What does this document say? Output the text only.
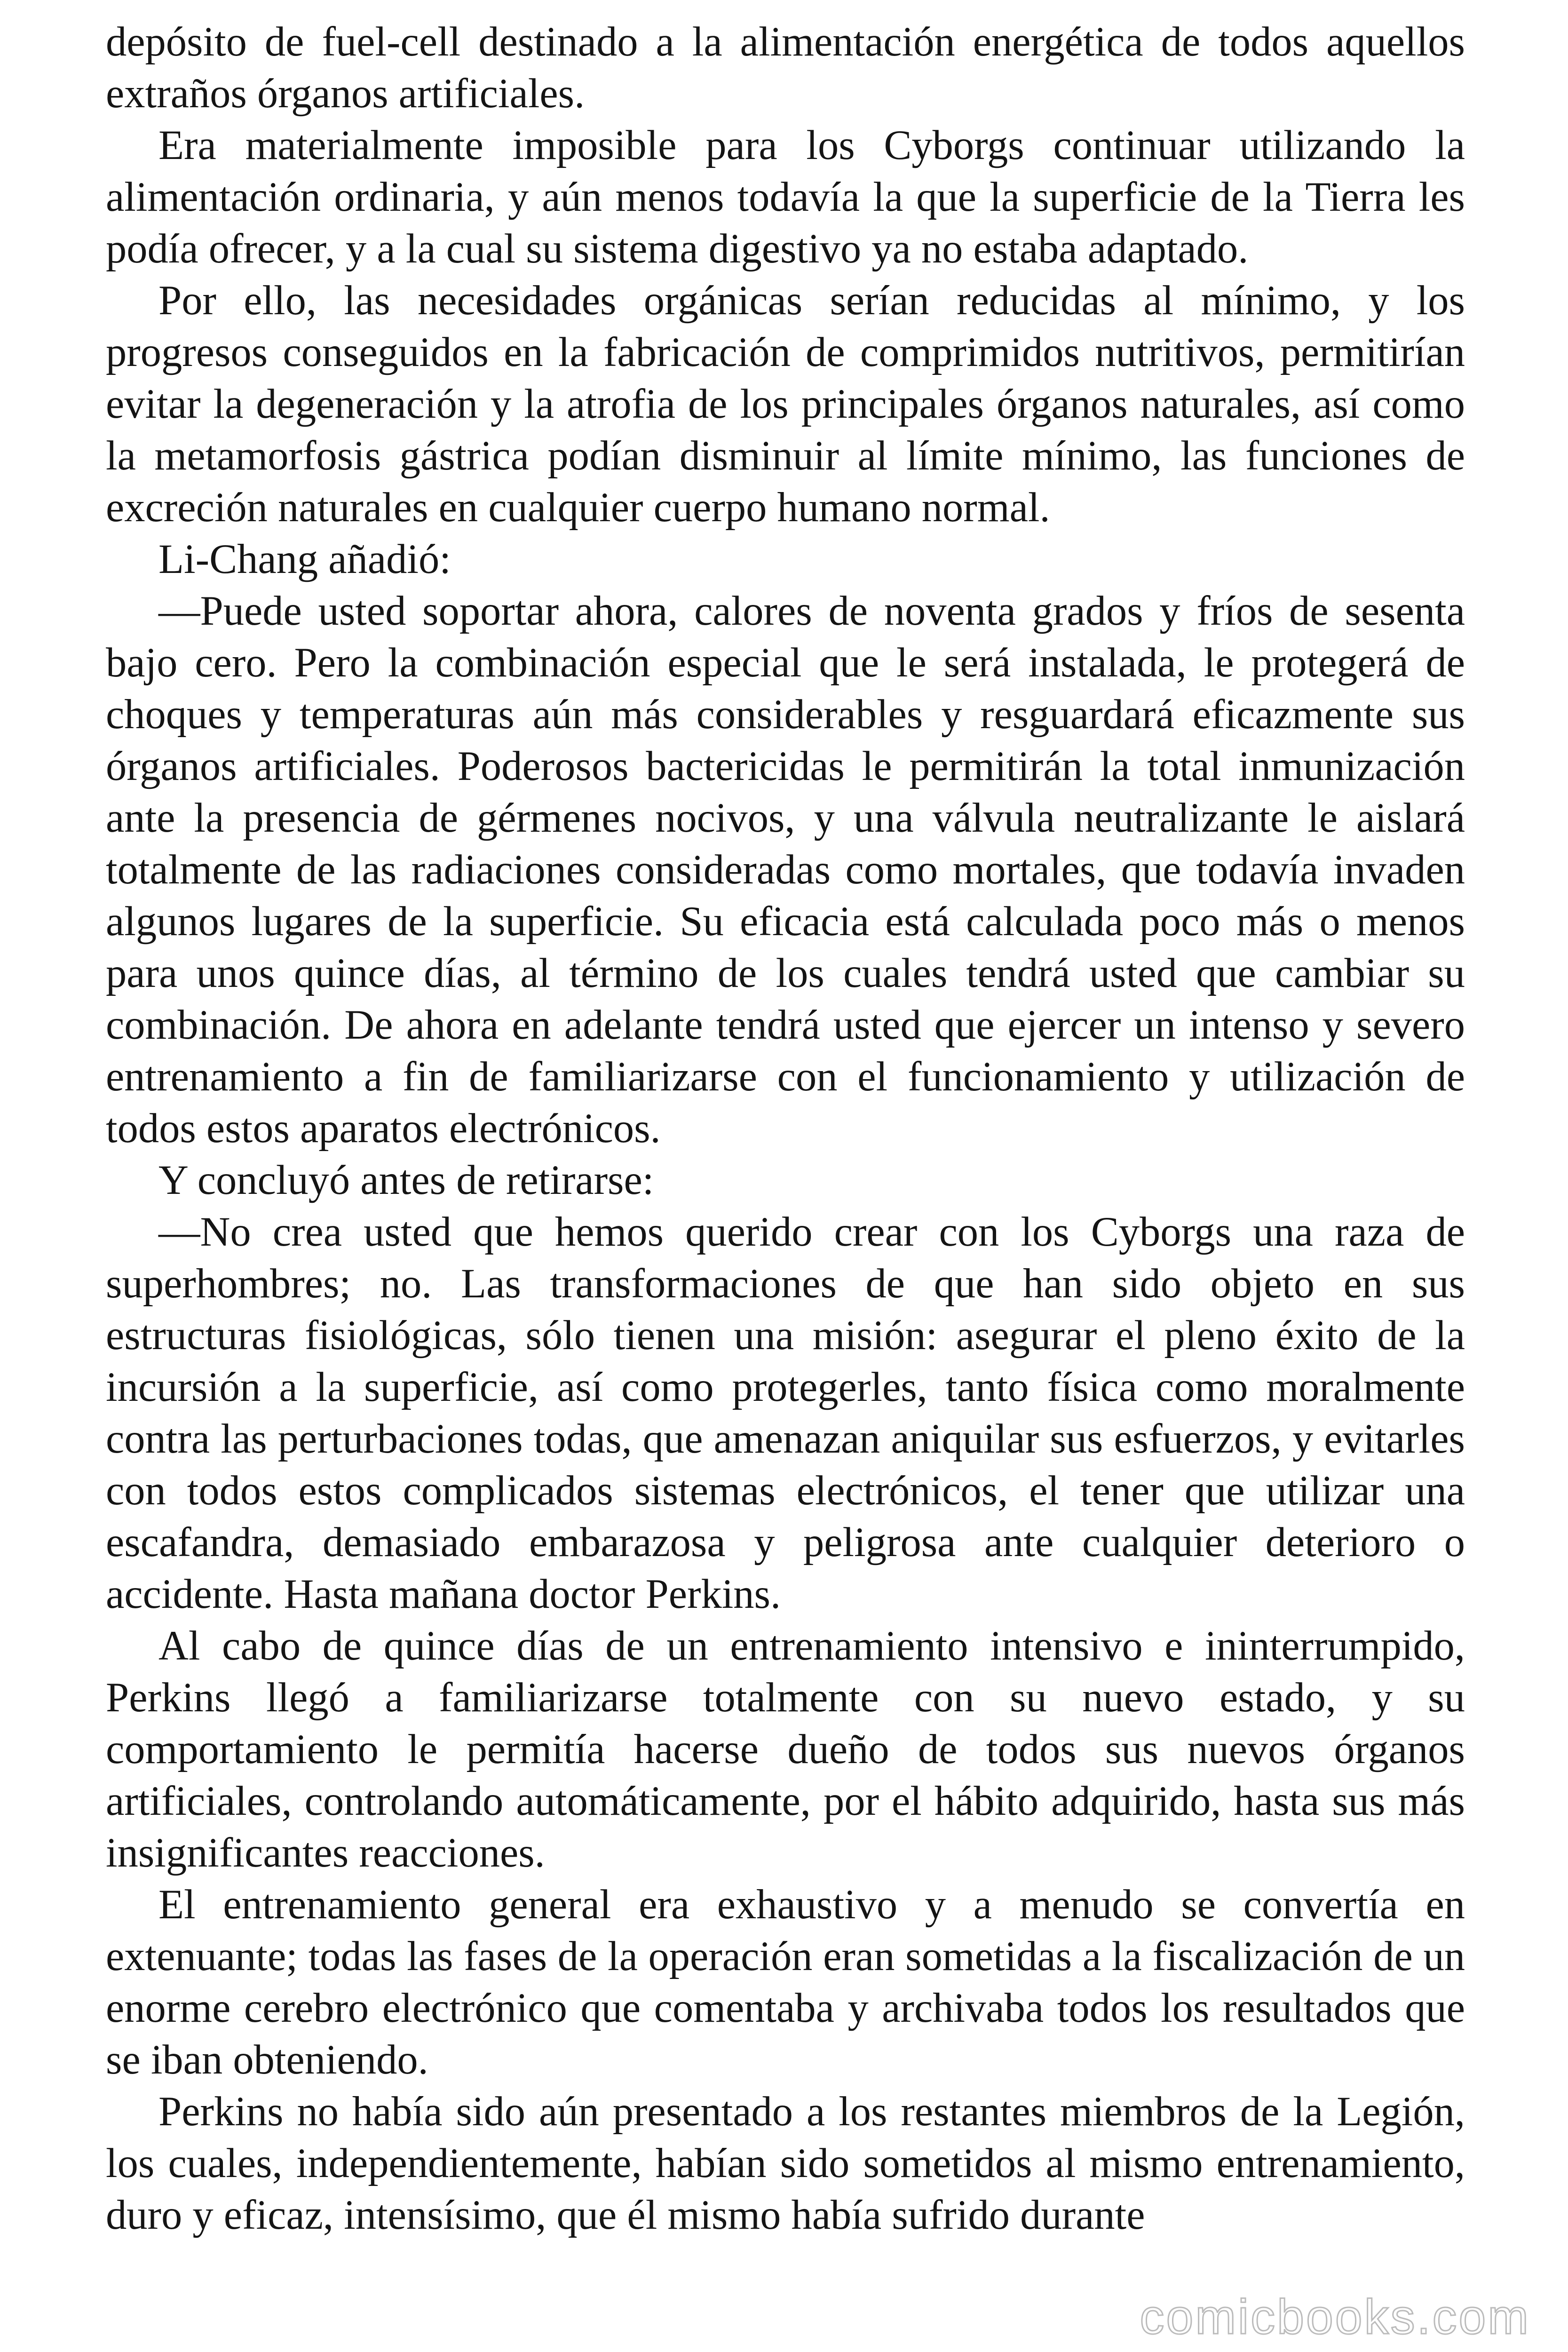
depósito de fuel-cell destinado a la alimentación energética de todos aquellos extraños órganos artificiales.

Era materialmente imposible para los Cyborgs continuar utilizando la alimentación ordinaria, y aún menos todavía la que la superficie de la Tierra les podía ofrecer, y a la cual su sistema digestivo ya no estaba adaptado.

Por ello, las necesidades orgánicas serían reducidas al mínimo, y los progresos conseguidos en la fabricación de comprimidos nutritivos, permitirían evitar la degeneración y la atrofia de los principales órganos naturales, así como la metamorfosis gástrica podían disminuir al límite mínimo, las funciones de excreción naturales en cualquier cuerpo humano normal.

Li-Chang añadió:

—Puede usted soportar ahora, calores de noventa grados y fríos de sesenta bajo cero. Pero la combinación especial que le será instalada, le protegerá de choques y temperaturas aún más considerables y resguardará eficazmente sus órganos artificiales. Poderosos bactericidas le permitirán la total inmunización ante la presencia de gérmenes nocivos, y una válvula neutralizante le aislará totalmente de las radiaciones consideradas como mortales, que todavía invaden algunos lugares de la superficie. Su eficacia está calculada poco más o menos para unos quince días, al término de los cuales tendrá usted que cambiar su combinación. De ahora en adelante tendrá usted que ejercer un intenso y severo entrenamiento a fin de familiarizarse con el funcionamiento y utilización de todos estos aparatos electrónicos.

Y concluyó antes de retirarse:

—No crea usted que hemos querido crear con los Cyborgs una raza de superhombres; no. Las transformaciones de que han sido objeto en sus estructuras fisiológicas, sólo tienen una misión: asegurar el pleno éxito de la incursión a la superficie, así como protegerles, tanto física como moralmente contra las perturbaciones todas, que amenazan aniquilar sus esfuerzos, y evitarles con todos estos complicados sistemas electrónicos, el tener que utilizar una escafandra, demasiado embarazosa y peligrosa ante cualquier deterioro o accidente. Hasta mañana doctor Perkins.

Al cabo de quince días de un entrenamiento intensivo e ininterrumpido, Perkins llegó a familiarizarse totalmente con su nuevo estado, y su comportamiento le permitía hacerse dueño de todos sus nuevos órganos artificiales, controlando automáticamente, por el hábito adquirido, hasta sus más insignificantes reacciones.

El entrenamiento general era exhaustivo y a menudo se convertía en extenuante; todas las fases de la operación eran sometidas a la fiscalización de un enorme cerebro electrónico que comentaba y archivaba todos los resultados que se iban obteniendo.

Perkins no había sido aún presentado a los restantes miembros de la Legión, los cuales, independientemente, habían sido sometidos al mismo entrenamiento, duro y eficaz, intensísimo, que él mismo había sufrido durante

comicbooks.com
